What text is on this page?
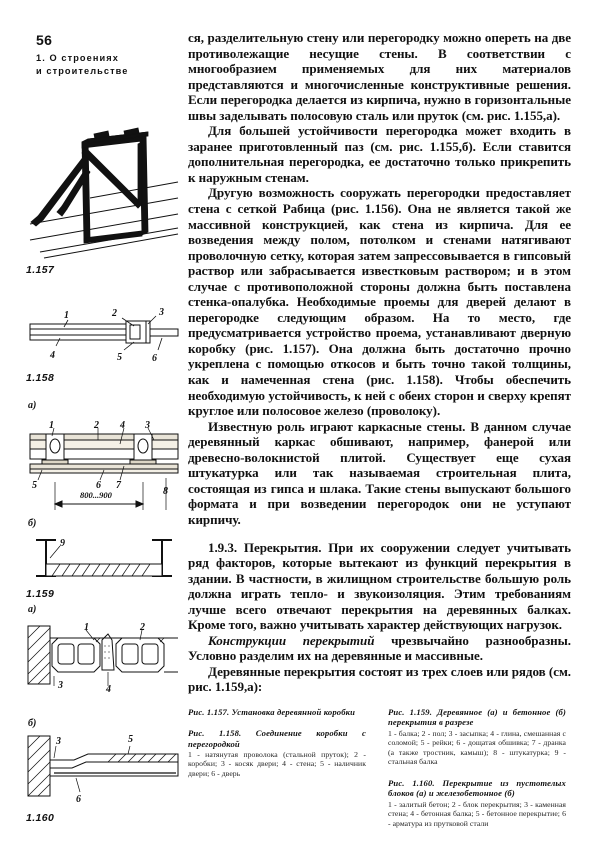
56
1. О строениях
и строительстве
1.157
1	2	3
4	5	6
1.158
а)
1	2	3
4
5	6 7
8
800...900
б)
9
1.159
а)
1	2
3	4
б)
3	5
6
1.160

ся, разделительную стену или перегородку можно опереть на две противолежащие несущие стены. В соответствии с многообразием применяемых для них материалов представляются и многочисленные конструктивные решения. Если перегородка делается из кирпича, нужно в горизонтальные швы заделывать полосовую сталь или пруток (см. рис. 1.155,а).

Для большей устойчивости перегородка может входить в заранее приготовленный паз (см. рис. 1.155,б). Если ставится дополнительная перегородка, ее достаточно только прикрепить к наружным стенам.

Другую возможность сооружать перегородки предоставляет стена с сеткой Рабица (рис. 1.156). Она не является такой же массивной конструкцией, как стена из кирпича. Для ее возведения между полом, потолком и стенами натягивают проволочную сетку, которая затем запрессовывается в гипсовый раствор или забрасывается известковым раствором; и в этом случае с противоположной стороны должна быть поставлена стенка-опалубка. Необходимые проемы для дверей делают в перегородке следующим образом. На то место, где предусматривается устройство проема, устанавливают дверную коробку (рис. 1.157). Она должна быть достаточно прочно укреплена с помощью откосов и быть точно такой толщины, как и намеченная стена (рис. 1.158). Чтобы обеспечить необходимую устойчивость, к ней с обеих сторон и сверху крепят круглое или полосовое железо (проволоку).

Известную роль играют каркасные стены. В данном случае деревянный каркас обшивают, например, фанерой или древесно-волокнистой плитой. Существует еще сухая штукатурка или так называемая строительная плита, состоящая из гипса и шлака. Такие стены выпускают большого формата и при возведении перегородок они не уступают кирпичу.

1.9.3. Перекрытия. При их сооружении следует учитывать ряд факторов, которые вытекают из функций перекрытия в здании. В частности, в жилищном строительстве большую роль должна играть тепло- и звукоизоляция. Этим требованиям лучше всего отвечают перекрытия на деревянных балках. Кроме того, важно учитывать характер действующих нагрузок.

Конструкции перекрытий чрезвычайно разнообразны. Условно разделим их на деревянные и массивные.

Деревянные перекрытия состоят из трех слоев или рядов (см. рис. 1.159,а):

Рис. 1.157. Установка деревянной коробки

Рис. 1.158. Соединение коробки с перегородкой

1 - натянутая проволока (стальной пруток); 2 - коробки; 3 - косяк двери; 4 - стена; 5 - наличник двери; 6 - дверь

Рис. 1.159. Деревянное (а) и бетонное (б) перекрытия в разрезе

1 - балка; 2 - пол; 3 - засыпка; 4 - глина, смешанная с соломой; 5 - рейки; 6 - дощатая обшивка; 7 - дранка (а также тростник, камыш); 8 - штукатурка; 9 - стальная балка

Рис. 1.160. Перекрытие из пустотелых блоков (а) и железобетонное (б)

1 - залитый бетон; 2 - блок перекрытия; 3 - каменная стена; 4 - бетонная балка; 5 - бетонное перекрытие; 6 - арматура из прутковой стали
